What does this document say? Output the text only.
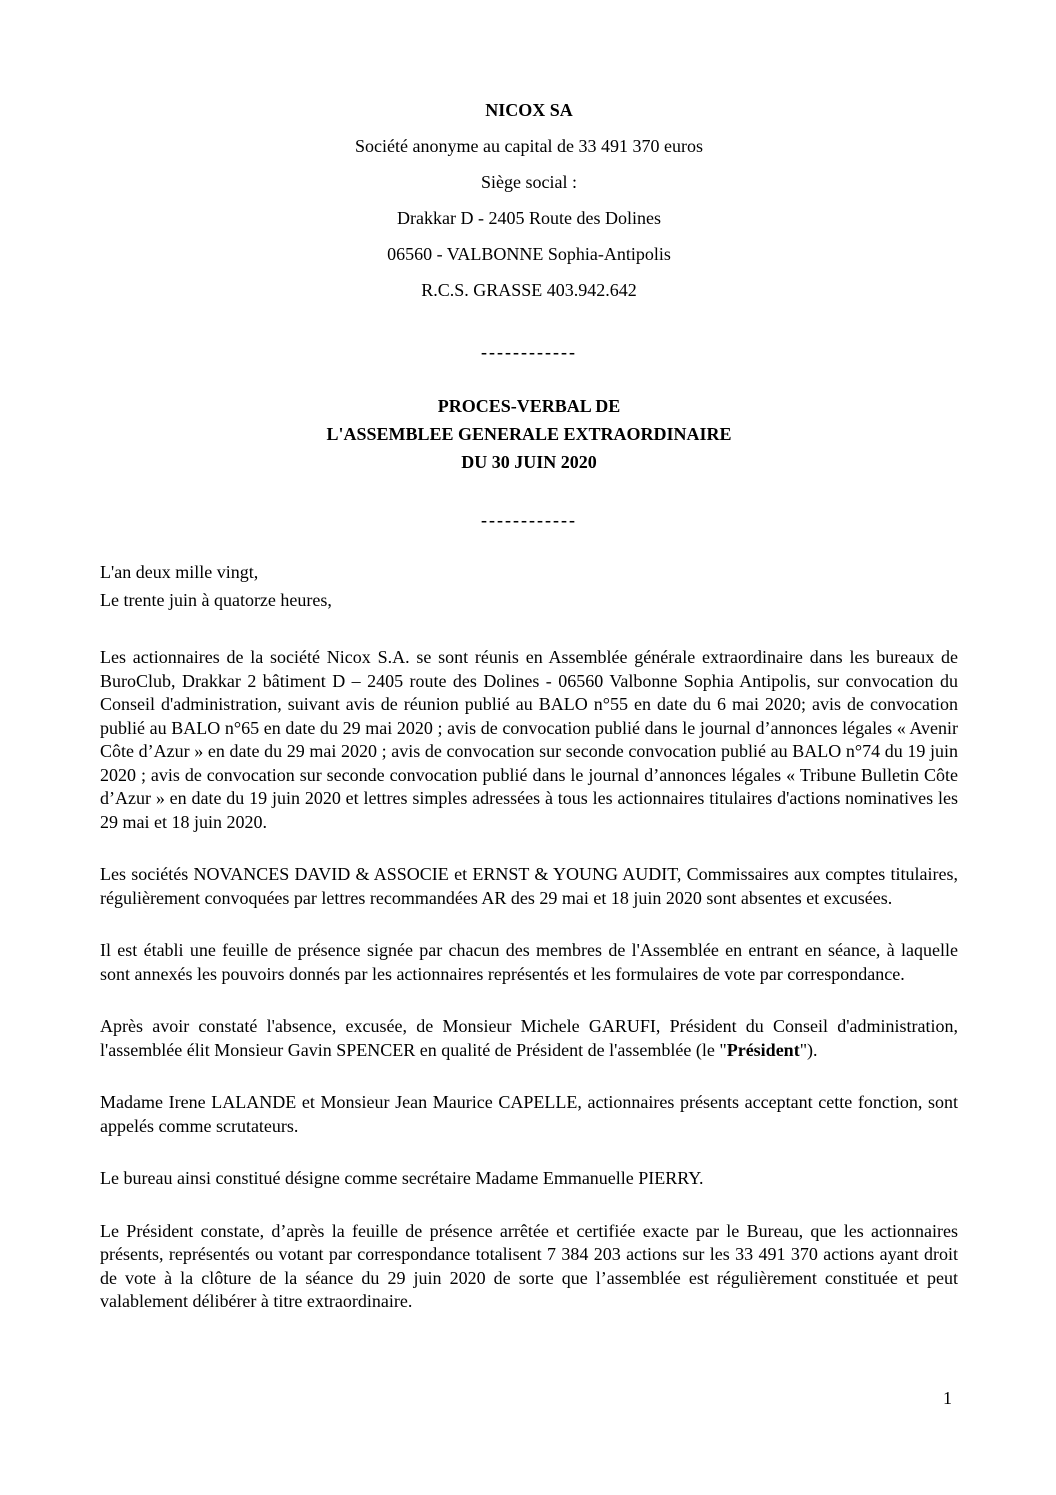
NICOX SA
Société anonyme au capital de 33 491 370 euros
Siège social :
Drakkar D - 2405 Route des Dolines
06560 - VALBONNE Sophia-Antipolis
R.C.S. GRASSE 403.942.642
------------
PROCES-VERBAL DE
L'ASSEMBLEE GENERALE EXTRAORDINAIRE
DU 30 JUIN 2020
------------

L'an deux mille vingt,
Le trente juin à quatorze heures,

Les actionnaires de la société Nicox S.A. se sont réunis en Assemblée générale extraordinaire dans les bureaux de BuroClub, Drakkar 2 bâtiment D – 2405 route des Dolines - 06560 Valbonne Sophia Antipolis, sur convocation du Conseil d'administration, suivant avis de réunion publié au BALO n°55 en date du 6 mai 2020; avis de convocation publié au BALO n°65 en date du 29 mai 2020 ; avis de convocation publié dans le journal d’annonces légales « Avenir Côte d’Azur » en date du 29 mai 2020 ; avis de convocation sur seconde convocation publié au BALO n°74 du 19 juin 2020 ; avis de convocation sur seconde convocation publié dans le journal d’annonces légales « Tribune Bulletin Côte d’Azur » en date du 19 juin 2020 et lettres simples adressées à tous les actionnaires titulaires d'actions nominatives les 29 mai et 18 juin 2020.

Les sociétés NOVANCES DAVID & ASSOCIE et ERNST & YOUNG AUDIT, Commissaires aux comptes titulaires, régulièrement convoquées par lettres recommandées AR des 29 mai et 18 juin 2020 sont absentes et excusées.

Il est établi une feuille de présence signée par chacun des membres de l'Assemblée en entrant en séance, à laquelle sont annexés les pouvoirs donnés par les actionnaires représentés et les formulaires de vote par correspondance.

Après avoir constaté l'absence, excusée, de Monsieur Michele GARUFI, Président du Conseil d'administration, l'assemblée élit Monsieur Gavin SPENCER en qualité de Président de l'assemblée (le "Président").

Madame Irene LALANDE et Monsieur Jean Maurice CAPELLE, actionnaires présents acceptant cette fonction, sont appelés comme scrutateurs.

Le bureau ainsi constitué désigne comme secrétaire Madame Emmanuelle PIERRY.

Le Président constate, d’après la feuille de présence arrêtée et certifiée exacte par le Bureau, que les actionnaires présents, représentés ou votant par correspondance totalisent 7 384 203 actions sur les 33 491 370 actions ayant droit de vote à la clôture de la séance du 29 juin 2020 de sorte que l’assemblée est régulièrement constituée et peut valablement délibérer à titre extraordinaire.

1
